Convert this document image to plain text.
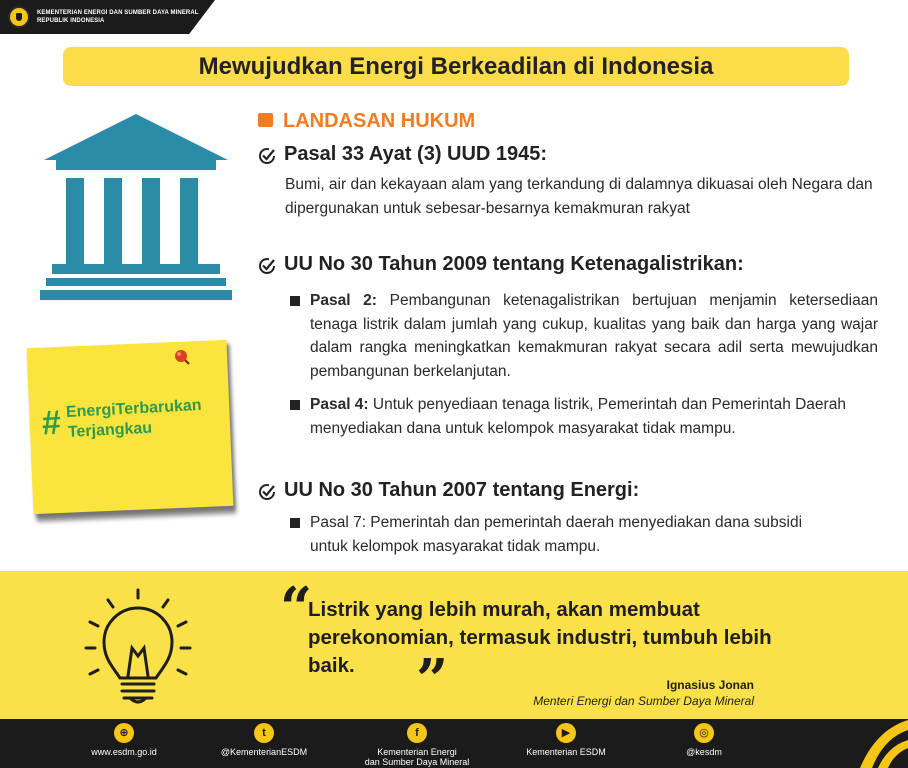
KEMENTERIAN ENERGI DAN SUMBER DAYA MINERAL
REPUBLIK INDONESIA
Mewujudkan Energi Berkeadilan di Indonesia
# EnergiTerbarukan
Terjangkau
LANDASAN HUKUM
Pasal 33 Ayat (3) UUD 1945:
Bumi, air dan kekayaan alam yang terkandung di dalamnya dikuasai oleh Negara dan dipergunakan untuk sebesar-besarnya kemakmuran rakyat
UU No 30 Tahun 2009 tentang Ketenagalistrikan:
Pasal 2: Pembangunan ketenagalistrikan bertujuan menjamin ketersediaan tenaga listrik dalam jumlah yang cukup, kualitas yang baik dan harga yang wajar dalam rangka meningkatkan kemakmuran rakyat secara adil serta mewujudkan pembangunan berkelanjutan.
Pasal 4: Untuk penyediaan tenaga listrik, Pemerintah dan Pemerintah Daerah menyediakan dana untuk kelompok masyarakat tidak mampu.
UU No 30 Tahun 2007 tentang Energi:
Pasal 7: Pemerintah dan pemerintah daerah menyediakan dana subsidi untuk kelompok masyarakat tidak mampu.
“
Listrik yang lebih murah, akan membuat perekonomian, termasuk industri, tumbuh lebih baik.	”	Ignasius Jonan
Menteri Energi dan Sumber Daya Mineral
⊕
www.esdm.go.id
t
@KementerianESDM
f
Kementerian Energi
dan Sumber Daya Mineral
▶
Kementerian ESDM
◎
@kesdm
